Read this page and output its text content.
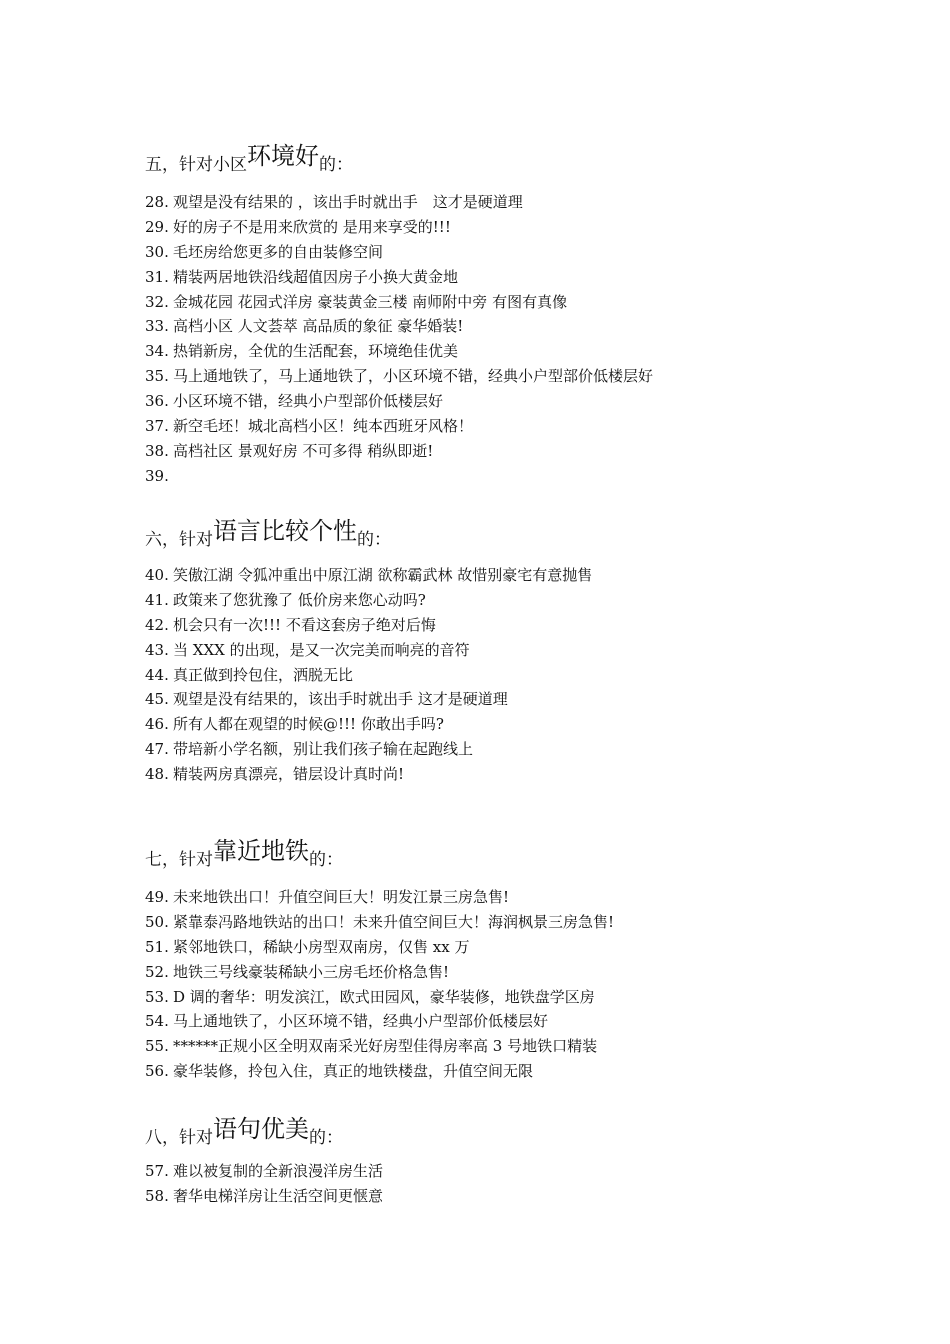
五，针对小区 环境好 的：
28. 观望是没有结果的 ，该出手时就出手　这才是硬道理
29. 好的房子不是用来欣赏的 是用来享受的!!!
30. 毛坯房给您更多的自由装修空间
31. 精装两居地铁沿线超值因房子小换大黄金地
32. 金城花园 花园式洋房 豪装黄金三楼 南师附中旁 有图有真像
33. 高档小区 人文荟萃 高品质的象征 豪华婚装!
34. 热销新房，全优的生活配套，环境绝佳优美
35. 马上通地铁了，马上通地铁了，小区环境不错，经典小户型部价低楼层好
36. 小区环境不错，经典小户型部价低楼层好
37. 新空毛坯！城北高档小区！纯本西班牙风格！
38. 高档社区 景观好房 不可多得 稍纵即逝!
39.
六，针对 语言比较个性 的：
40. 笑傲江湖 令狐冲重出中原江湖 欲称霸武林 故惜别豪宅有意抛售
41. 政策来了您犹豫了 低价房来您心动吗?
42. 机会只有一次!!! 不看这套房子绝对后悔
43. 当 XXX 的出现，是又一次完美而响亮的音符
44. 真正做到拎包住，洒脱无比
45. 观望是没有结果的，该出手时就出手 这才是硬道理
46. 所有人都在观望的时候@!!! 你敢出手吗?
47. 带培新小学名额，别让我们孩子输在起跑线上
48. 精装两房真漂亮，错层设计真时尚!
七，针对 靠近地铁 的：
49. 未来地铁出口！升值空间巨大！明发江景三房急售!
50. 紧靠泰冯路地铁站的出口！未来升值空间巨大！海润枫景三房急售!
51. 紧邻地铁口，稀缺小房型双南房，仅售 xx 万
52. 地铁三号线豪装稀缺小三房毛坯价格急售!
53. D 调的奢华：明发滨江，欧式田园风，豪华装修，地铁盘学区房
54. 马上通地铁了，小区环境不错，经典小户型部价低楼层好
55. ******正规小区全明双南采光好房型佳得房率高 3 号地铁口精装
56. 豪华装修，拎包入住，真正的地铁楼盘，升值空间无限
八，针对 语句优美 的：
57. 难以被复制的全新浪漫洋房生活
58. 奢华电梯洋房让生活空间更惬意
